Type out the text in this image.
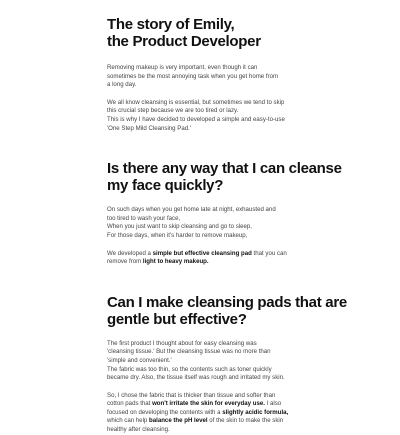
The story of Emily,
the Product Developer

Removing makeup is very important, even though it can
sometimes be the most annoying task when you get home from
a long day.

We all know cleansing is essential, but sometimes we tend to skip
this crucial step because we are too tired or lazy.
This is why I have decided to developed a simple and easy-to-use
'One Step Mild Cleansing Pad.'

Is there any way that I can cleanse
my face quickly?

On such days when you get home late at night, exhausted and
too tired to wash your face,
When you just want to skip cleansing and go to sleep,
For those days, when it's harder to remove makeup,

We developed a simple but effective cleansing pad that you can
remove from light to heavy makeup.

Can I make cleansing pads that are
gentle but effective?

The first product I thought about for easy cleansing was
'cleansing tissue.' But the cleansing tissue was no more than
'simple and convenient.'
The fabric was too thin, so the contents such as toner quickly
became dry. Also, the tissue itself was rough and irritated my skin.

So, I chose the fabric that is thicker than tissue and softer than
cotton pads that won't irritate the skin for everyday use. I also
focused on developing the contents with a slightly acidic formula,
which can help balance the pH level of the skin to make the skin
healthy after cleansing.
